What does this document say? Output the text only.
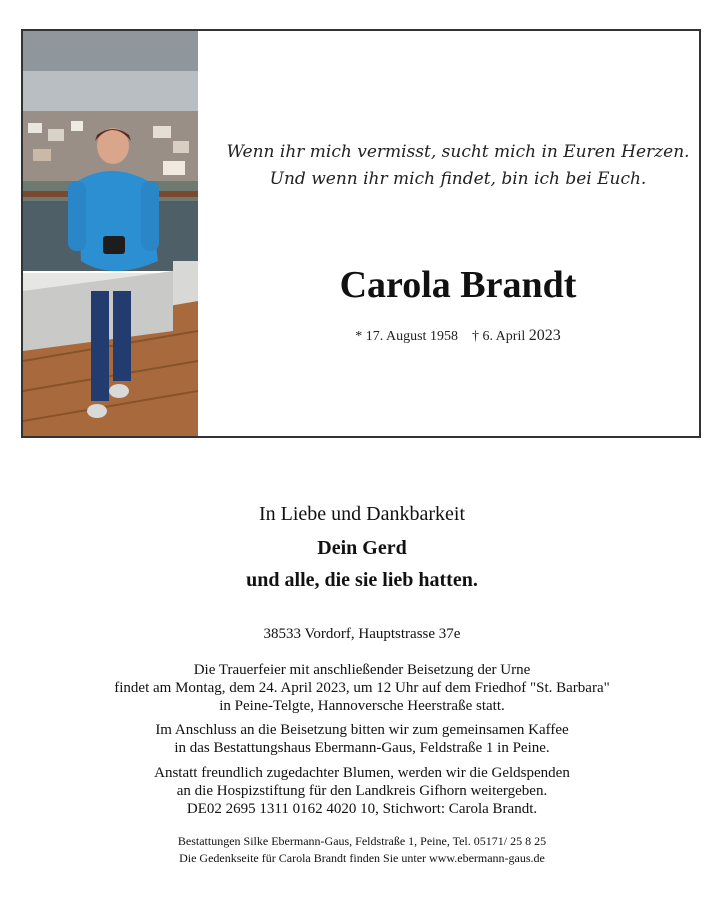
Wenn ihr mich vermisst, sucht mich in Euren Herzen.
Und wenn ihr mich findet, bin ich bei Euch.
Carola Brandt
* 17. August 1958 † 6. April 2023
In Liebe und Dankbarkeit
Dein Gerd
und alle, die sie lieb hatten.
38533 Vordorf, Hauptstrasse 37e
Die Trauerfeier mit anschließender Beisetzung der Urne
findet am Montag, dem 24. April 2023, um 12 Uhr auf dem Friedhof "St. Barbara"
in Peine-Telgte, Hannoversche Heerstraße statt.
Im Anschluss an die Beisetzung bitten wir zum gemeinsamen Kaffee
in das Bestattungshaus Ebermann-Gaus, Feldstraße 1 in Peine.
Anstatt freundlich zugedachter Blumen, werden wir die Geldspenden
an die Hospizstiftung für den Landkreis Gifhorn weitergeben.
DE02 2695 1311 0162 4020 10, Stichwort: Carola Brandt.
Bestattungen Silke Ebermann-Gaus, Feldstraße 1, Peine, Tel. 05171/ 25 8 25
Die Gedenkseite für Carola Brandt finden Sie unter www.ebermann-gaus.de
